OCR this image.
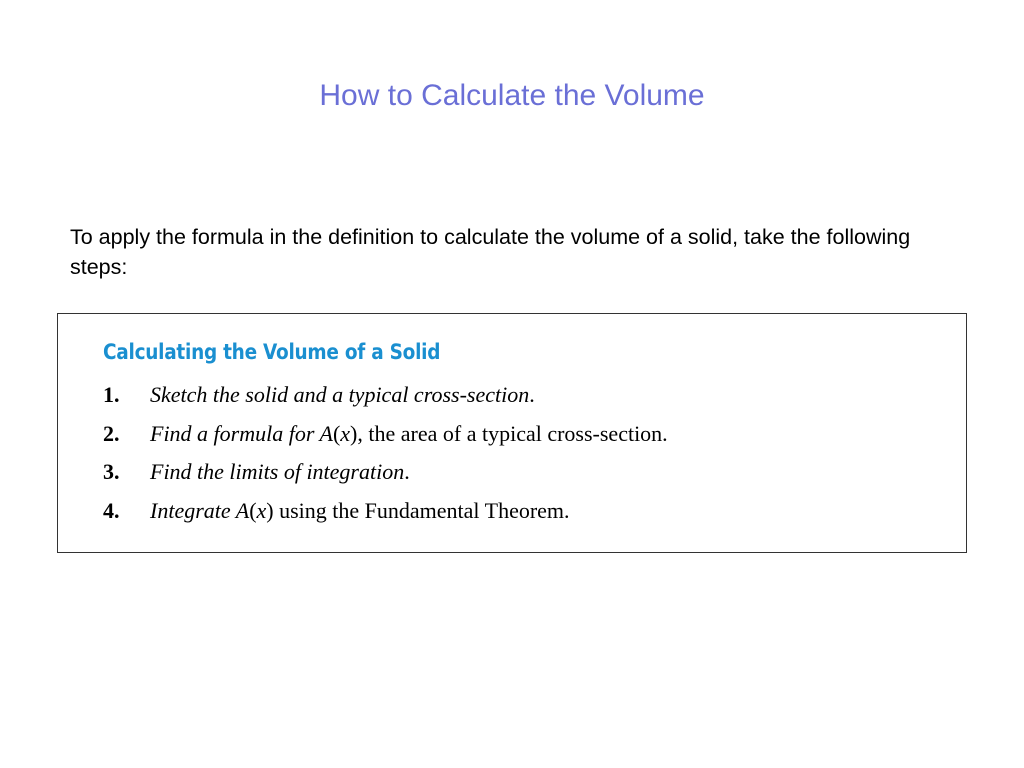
How to Calculate the Volume
To apply the formula in the definition to calculate the volume of a solid, take the following steps:
Calculating the Volume of a Solid
1.	Sketch the solid and a typical cross-section.
2.	Find a formula for A(x), the area of a typical cross-section.
3.	Find the limits of integration.
4.	Integrate A(x) using the Fundamental Theorem.
